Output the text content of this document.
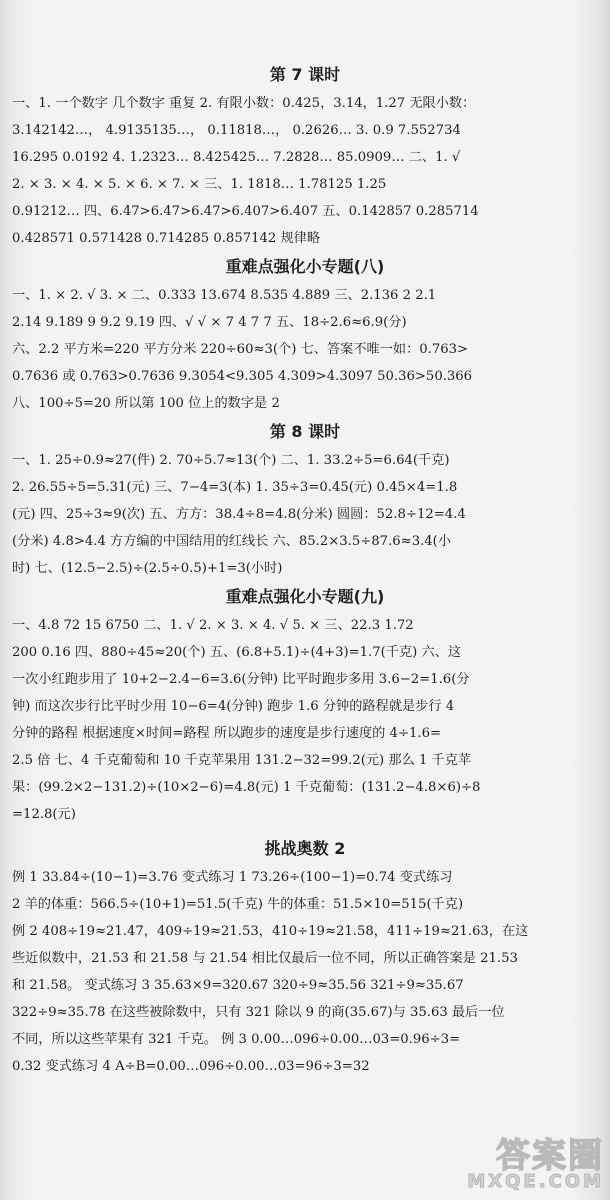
第 7 课时
一、1. 一个数字 几个数字 重复 2. 有限小数：0.425，3.14，1.27 无限小数：
3.142142…， 4.9135135…， 0.11818…， 0.2626… 3. 0.9 7.552734
16.295 0.0192 4. 1.2323… 8.425425… 7.2828… 85.0909… 二、1. √
2. × 3. × 4. × 5. × 6. × 7. × 三、1. 1818… 1.78125 1.25
0.91212… 四、6.47>6.47>6.47>6.407>6.407 五、0.142857 0.285714
0.428571 0.571428 0.714285 0.857142 规律略
重难点强化小专题(八)
一、1. × 2. √ 3. × 二、0.333 13.674 8.535 4.889 三、2.136 2 2.1
2.14 9.189 9 9.2 9.19 四、√ √ × 7 4 7 7 五、18÷2.6≈6.9(分)
六、2.2 平方米=220 平方分米 220÷60≈3(个) 七、答案不唯一如：0.763>
0.7636 或 0.763>0.7636 9.3054<9.305 4.309>4.3097 50.36>50.366
八、100÷5=20 所以第 100 位上的数字是 2
第 8 课时
一、1. 25÷0.9≈27(件) 2. 70÷5.7≈13(个) 二、1. 33.2÷5=6.64(千克)
2. 26.55÷5=5.31(元) 三、7−4=3(本) 1. 35÷3=0.45(元) 0.45×4=1.8
(元) 四、25÷3≈9(次) 五、方方：38.4÷8=4.8(分米) 圆圆：52.8÷12=4.4
(分米) 4.8>4.4 方方编的中国结用的红线长 六、85.2×3.5÷87.6≈3.4(小
时) 七、(12.5−2.5)÷(2.5÷0.5)+1=3(小时)
重难点强化小专题(九)
一、4.8 72 15 6750 二、1. √ 2. × 3. × 4. √ 5. × 三、22.3 1.72
200 0.16 四、880÷45≈20(个) 五、(6.8+5.1)÷(4+3)=1.7(千克) 六、这
一次小红跑步用了 10+2−2.4−6=3.6(分钟) 比平时跑步多用 3.6−2=1.6(分
钟) 而这次步行比平时少用 10−6=4(分钟) 跑步 1.6 分钟的路程就是步行 4
分钟的路程 根据速度×时间=路程 所以跑步的速度是步行速度的 4÷1.6=
2.5 倍 七、4 千克葡萄和 10 千克苹果用 131.2−32=99.2(元) 那么 1 千克苹
果：(99.2×2−131.2)÷(10×2−6)=4.8(元) 1 千克葡萄：(131.2−4.8×6)÷8
=12.8(元)
挑战奥数 2
例 1 33.84÷(10−1)=3.76 变式练习 1 73.26÷(100−1)=0.74 变式练习
2 羊的体重：566.5÷(10+1)=51.5(千克) 牛的体重：51.5×10=515(千克)
例 2 408÷19≈21.47，409÷19≈21.53，410÷19≈21.58，411÷19≈21.63，在这
些近似数中，21.53 和 21.58 与 21.54 相比仅最后一位不同，所以正确答案是 21.53
和 21.58。 变式练习 3 35.63×9=320.67 320÷9≈35.56 321÷9≈35.67
322÷9≈35.78 在这些被除数中，只有 321 除以 9 的商(35.67)与 35.63 最后一位
不同，所以这些苹果有 321 千克。 例 3 0.00…096÷0.00…03=0.96÷3=
0.32 变式练习 4 A÷B=0.00…096÷0.00…03=96÷3=32
答案圈
MXQE.COM
